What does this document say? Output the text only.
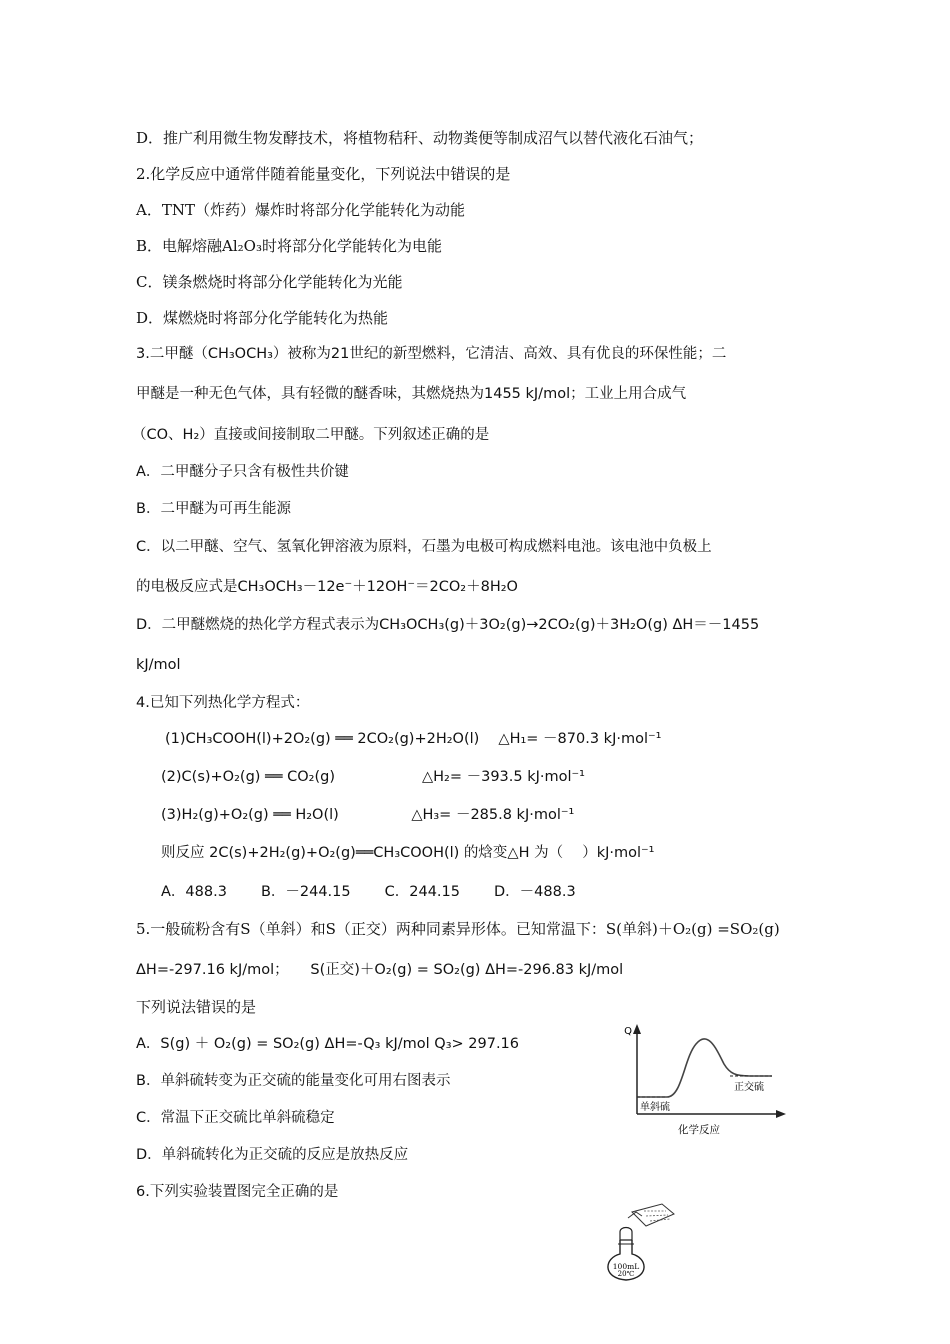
D．推广利用微生物发酵技术，将植物秸秆、动物粪便等制成沼气以替代液化石油气；
2.化学反应中通常伴随着能量变化，下列说法中错误的是
A．TNT（炸药）爆炸时将部分化学能转化为动能
B．电解熔融Al₂O₃时将部分化学能转化为电能
C．镁条燃烧时将部分化学能转化为光能
D．煤燃烧时将部分化学能转化为热能
3.二甲醚（CH₃OCH₃）被称为21世纪的新型燃料，它清洁、高效、具有优良的环保性能；二
甲醚是一种无色气体，具有轻微的醚香味，其燃烧热为1455 kJ/mol；工业上用合成气
（CO、H₂）直接或间接制取二甲醚。下列叙述正确的是
A．二甲醚分子只含有极性共价键
B．二甲醚为可再生能源
C．以二甲醚、空气、氢氧化钾溶液为原料，石墨为电极可构成燃料电池。该电池中负极上
的电极反应式是CH₃OCH₃－12e⁻＋12OH⁻＝2CO₂＋8H₂O
D．二甲醚燃烧的热化学方程式表示为CH₃OCH₃(g)＋3O₂(g)→2CO₂(g)＋3H₂O(g) ΔH＝－1455
kJ/mol
4.已知下列热化学方程式：
(1)CH₃COOH(l)+2O₂(g) ══ 2CO₂(g)+2H₂O(l)　 △H₁= －870.3 kJ·mol⁻¹
(2)C(s)+O₂(g) ══ CO₂(g)　　　　　　△H₂= －393.5 kJ·mol⁻¹
(3)H₂(g)+O₂(g) ══ H₂O(l)　　　　　△H₃= －285.8 kJ·mol⁻¹
则反应 2C(s)+2H₂(g)+O₂(g)══CH₃COOH(l) 的焓变△H 为（　 ）kJ·mol⁻¹
A．488.3 B．－244.15 C．244.15 D．－488.3
5.一般硫粉含有S（单斜）和S（正交）两种同素异形体。已知常温下：S(单斜)＋O₂(g) =SO₂(g)
ΔH=-297.16 kJ/mol；　　S(正交)＋O₂(g) = SO₂(g) ΔH=-296.83 kJ/mol
下列说法错误的是
A．S(g) ＋ O₂(g) = SO₂(g) ΔH=-Q₃ kJ/mol Q₃> 297.16
B．单斜硫转变为正交硫的能量变化可用右图表示
C．常温下正交硫比单斜硫稳定
D．单斜硫转化为正交硫的反应是放热反应
Q
单斜硫
正交硫
化学反应
6.下列实验装置图完全正确的是
100mL
20℃
